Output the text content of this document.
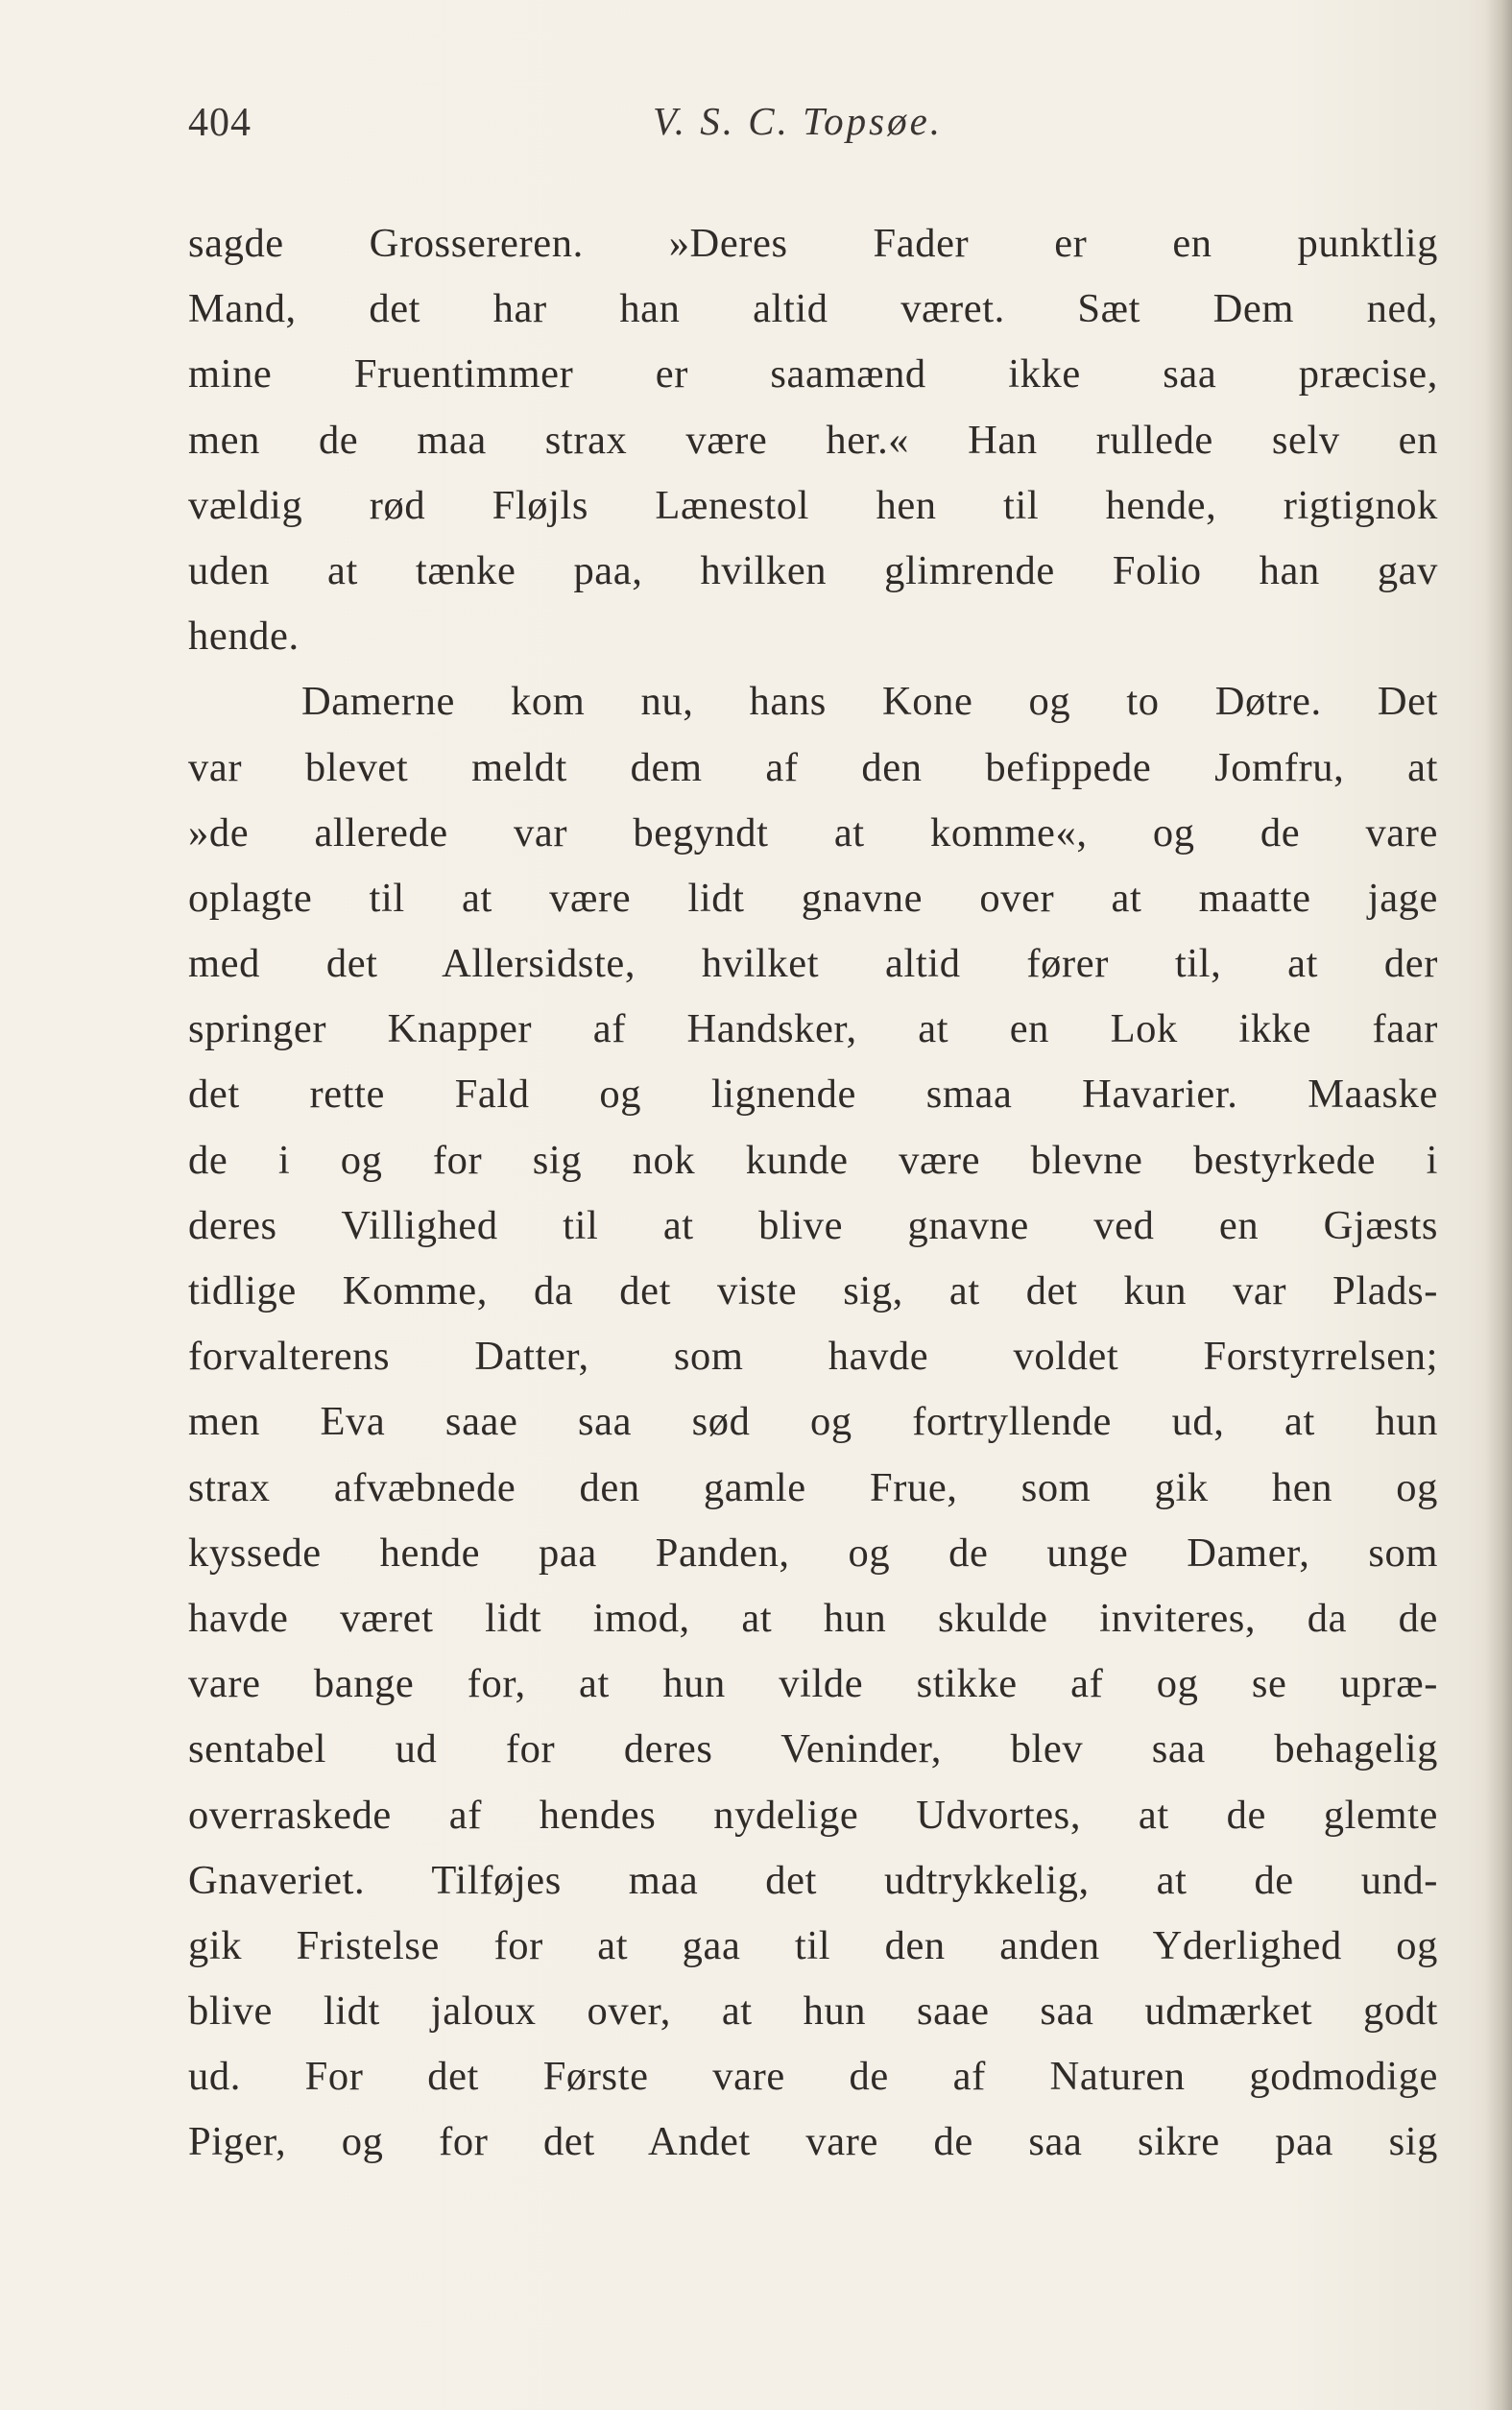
404	V. S. C. Topsøe.
sagde Grossereren. »Deres Fader er en punktlig
Mand, det har han altid været. Sæt Dem ned,
mine Fruentimmer er saamænd ikke saa præcise,
men de maa strax være her.« Han rullede selv en
vældig rød Fløjls Lænestol hen til hende, rigtignok
uden at tænke paa, hvilken glimrende Folio han gav
hende.
Damerne kom nu, hans Kone og to Døtre. Det
var blevet meldt dem af den befippede Jomfru, at
»de allerede var begyndt at komme«, og de vare
oplagte til at være lidt gnavne over at maatte jage
med det Allersidste, hvilket altid fører til, at der
springer Knapper af Handsker, at en Lok ikke faar
det rette Fald og lignende smaa Havarier. Maaske
de i og for sig nok kunde være blevne bestyrkede i
deres Villighed til at blive gnavne ved en Gjæsts
tidlige Komme, da det viste sig, at det kun var Plads-
forvalterens Datter, som havde voldet Forstyrrelsen;
men Eva saae saa sød og fortryllende ud, at hun
strax afvæbnede den gamle Frue, som gik hen og
kyssede hende paa Panden, og de unge Damer, som
havde været lidt imod, at hun skulde inviteres, da de
vare bange for, at hun vilde stikke af og se upræ-
sentabel ud for deres Veninder, blev saa behagelig
overraskede af hendes nydelige Udvortes, at de glemte
Gnaveriet. Tilføjes maa det udtrykkelig, at de und-
gik Fristelse for at gaa til den anden Yderlighed og
blive lidt jaloux over, at hun saae saa udmærket godt
ud. For det Første vare de af Naturen godmodige
Piger, og for det Andet vare de saa sikre paa sig
